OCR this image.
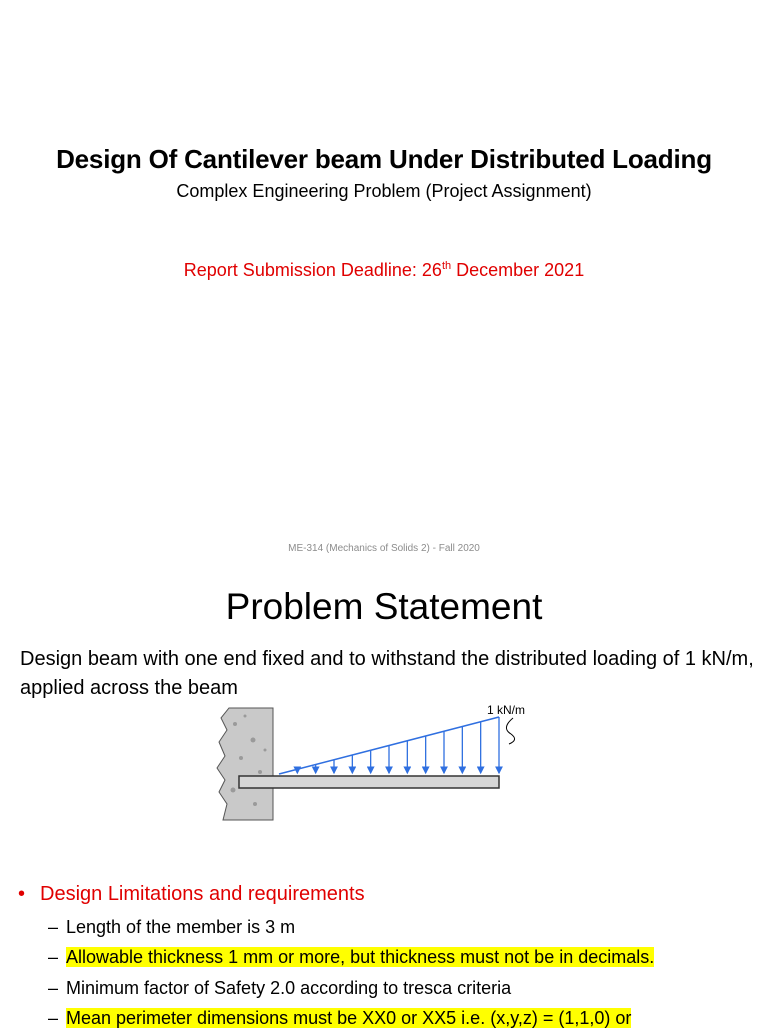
Design Of Cantilever beam Under Distributed Loading
Complex Engineering Problem (Project Assignment)
Report Submission Deadline: 26th December 2021
ME-314 (Mechanics of Solids 2) - Fall 2020
Problem Statement
Design beam with one end fixed and to withstand the distributed loading of 1 kN/m, applied across the beam
1 kN/m
• Design Limitations and requirements
– Length of the member is 3 m
– Allowable thickness 1 mm or more, but thickness must not be in decimals.
– Minimum factor of Safety 2.0 according to tresca criteria
– Mean perimeter dimensions must be XX0 or XX5 i.e. (x,y,z) = (1,1,0) or
